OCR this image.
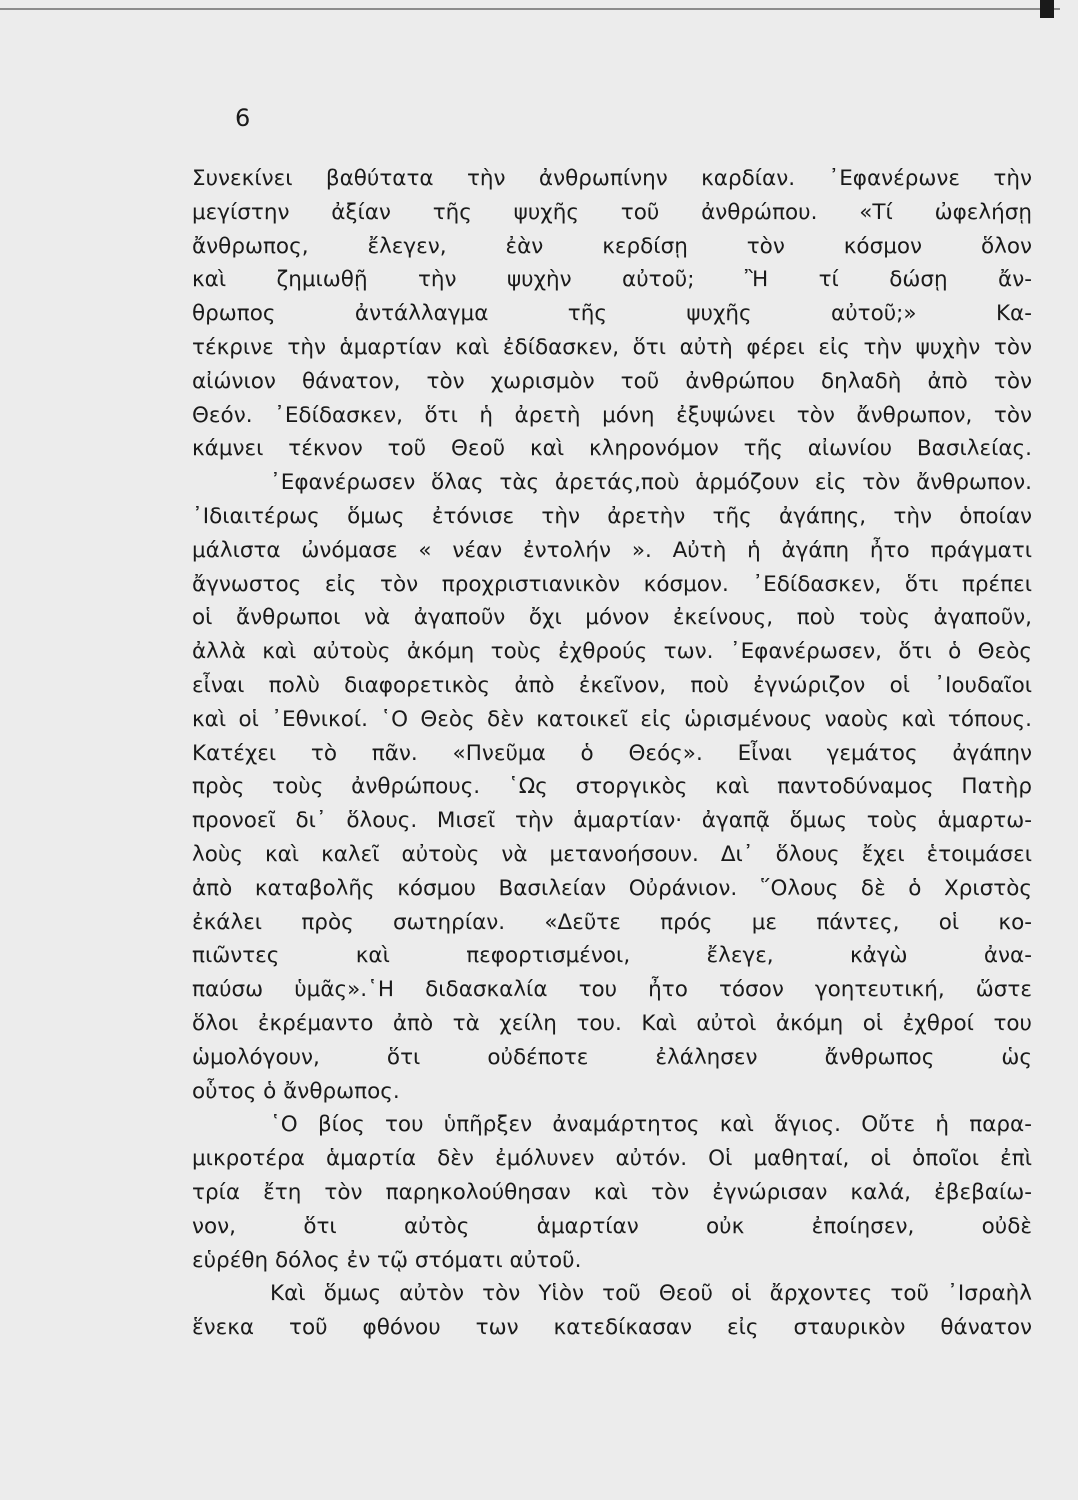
6
Συνεκίνει βαθύτατα τὴν ἀνθρωπίνην καρδίαν. ᾽Εφανέρωνε τὴν
μεγίστην ἀξίαν τῆς ψυχῆς τοῦ ἀνθρώπου. «Τί ὠφελήσῃ
ἄνθρωπος, ἔλεγεν, ἐὰν κερδίσῃ τὸν κόσμον ὅλον
καὶ ζημιωθῇ τὴν ψυχὴν αὐτοῦ; Ἢ τί δώσῃ ἄν-
θρωπος ἀντάλλαγμα τῆς ψυχῆς αὐτοῦ;» Κα-
τέκρινε τὴν ἁμαρτίαν καὶ ἐδίδασκεν, ὅτι αὐτὴ φέρει εἰς τὴν ψυχὴν τὸν
αἰώνιον θάνατον, τὸν χωρισμὸν τοῦ ἀνθρώπου δηλαδὴ ἀπὸ τὸν
Θεόν. ᾽Εδίδασκεν, ὅτι ἡ ἀρετὴ μόνη ἐξυψώνει τὸν ἄνθρωπον, τὸν
κάμνει τέκνον τοῦ Θεοῦ καὶ κληρονόμον τῆς αἰωνίου Βασιλείας.
᾽Εφανέρωσεν ὅλας τὰς ἀρετάς,ποὺ ἁρμόζουν εἰς τὸν ἄνθρωπον.
᾽Ιδιαιτέρως ὅμως ἐτόνισε τὴν ἀρετὴν τῆς ἀγάπης, τὴν ὁποίαν
μάλιστα ὠνόμασε « νέαν ἐντολήν ». Αὐτὴ ἡ ἀγάπη ἦτο πράγματι
ἄγνωστος εἰς τὸν προχριστιανικὸν κόσμον. ᾽Εδίδασκεν, ὅτι πρέπει
οἱ ἄνθρωποι νὰ ἀγαποῦν ὄχι μόνον ἐκείνους, ποὺ τοὺς ἀγαποῦν,
ἀλλὰ καὶ αὐτοὺς ἀκόμη τοὺς ἐχθρούς των. ᾽Εφανέρωσεν, ὅτι ὁ Θεὸς
εἶναι πολὺ διαφορετικὸς ἀπὸ ἐκεῖνον, ποὺ ἐγνώριζον οἱ ᾽Ιουδαῖοι
καὶ οἱ ᾽Εθνικοί. ῾Ο Θεὸς δὲν κατοικεῖ εἰς ὡρισμένους ναοὺς καὶ τόπους.
Κατέχει τὸ πᾶν. «Πνεῦμα ὁ Θεός». Εἶναι γεμάτος ἀγάπην
πρὸς τοὺς ἀνθρώπους. ῾Ως στοργικὸς καὶ παντοδύναμος Πατὴρ
προνοεῖ δι᾽ ὅλους. Μισεῖ τὴν ἁμαρτίαν· ἀγαπᾷ ὅμως τοὺς ἁμαρτω-
λοὺς καὶ καλεῖ αὐτοὺς νὰ μετανοήσουν. Δι᾽ ὅλους ἔχει ἑτοιμάσει
ἀπὸ καταβολῆς κόσμου Βασιλείαν Οὐράνιον. ῞Ολους δὲ ὁ Χριστὸς
ἐκάλει πρὸς σωτηρίαν. «Δεῦτε πρός με πάντες, οἱ κο-
πιῶντες καὶ πεφορτισμένοι, ἔλεγε, κἀγὼ ἀνα-
παύσω ὑμᾶς».῾Η διδασκαλία του ἦτο τόσον γοητευτική, ὥστε
ὅλοι ἐκρέμαντο ἀπὸ τὰ χείλη του. Καὶ αὐτοὶ ἀκόμη οἱ ἐχθροί του
ὡμολόγουν, ὅτι οὐδέποτε ἐλάλησεν ἄνθρωπος ὡς
οὗτος ὁ ἄνθρωπος.
῾Ο βίος του ὑπῆρξεν ἀναμάρτητος καὶ ἅγιος. Οὔτε ἡ παρα-
μικροτέρα ἁμαρτία δὲν ἐμόλυνεν αὐτόν. Οἱ μαθηταί, οἱ ὁποῖοι ἐπὶ
τρία ἔτη τὸν παρηκολούθησαν καὶ τὸν ἐγνώρισαν καλά, ἐβεβαίω-
νον, ὅτι αὐτὸς ἁμαρτίαν οὐκ ἐποίησεν, οὐδὲ
εὑρέθη δόλος ἐν τῷ στόματι αὐτοῦ.
Καὶ ὅμως αὐτὸν τὸν Υἱὸν τοῦ Θεοῦ οἱ ἄρχοντες τοῦ ᾽Ισραὴλ
ἕνεκα τοῦ φθόνου των κατεδίκασαν εἰς σταυρικὸν θάνατον
